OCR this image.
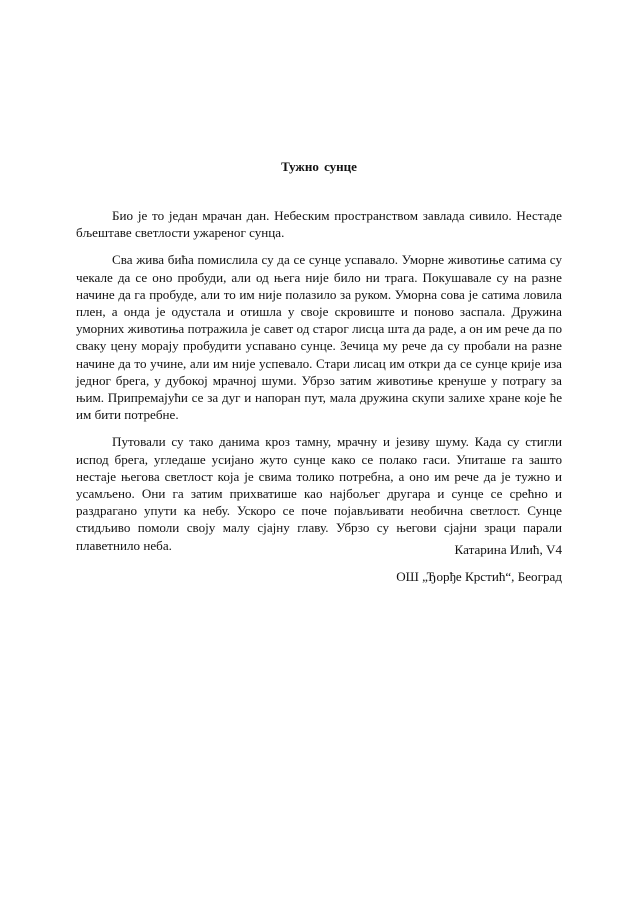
Тужно сунце

Био је то један мрачан дан. Небеским пространством завлада сивило. Нестаде бљештаве светлости ужареног сунца.

Сва жива бића помислила су да се сунце успавало. Уморне животиње сатима су чекале да се оно пробуди, али од њега није било ни трага. Покушавале су на разне начине да га пробуде, али то им није полазило за руком. Уморна сова је сатима ловила плен, а онда је одустала и отишла у своје скровиште и поново заспала. Дружина уморних животиња потражила је савет од старог лисца шта да раде, а он им рече да по сваку цену морају пробудити успавано сунце. Зечица му рече да су пробали на разне начине да то учине, али им није успевало. Стари лисац им откри да се сунце крије иза једног брега, у дубокој мрачној шуми. Убрзо затим животиње кренуше у потрагу за њим. Припремајући се за дуг и напоран пут, мала дружина скупи залихе хране које ће им бити потребне.

Путовали су тако данима кроз тамну, мрачну и језиву шуму. Када су стигли испод брега, угледаше усијано жуто сунце како се полако гаси. Упиташе га зашто нестаје његова светлост која је свима толико потребна, а оно им рече да је тужно и усамљено. Они га затим прихватише као најбољег другара и сунце се срећно и раздрагано упути ка небу. Ускоро се поче појављивати необична светлост. Сунце стидљиво помоли своју малу сјајну главу. Убрзо су његови сјајни зраци парали плаветнило неба.	Катарина Илић, V4
ОШ „Ђорђе Крстић“, Београд
